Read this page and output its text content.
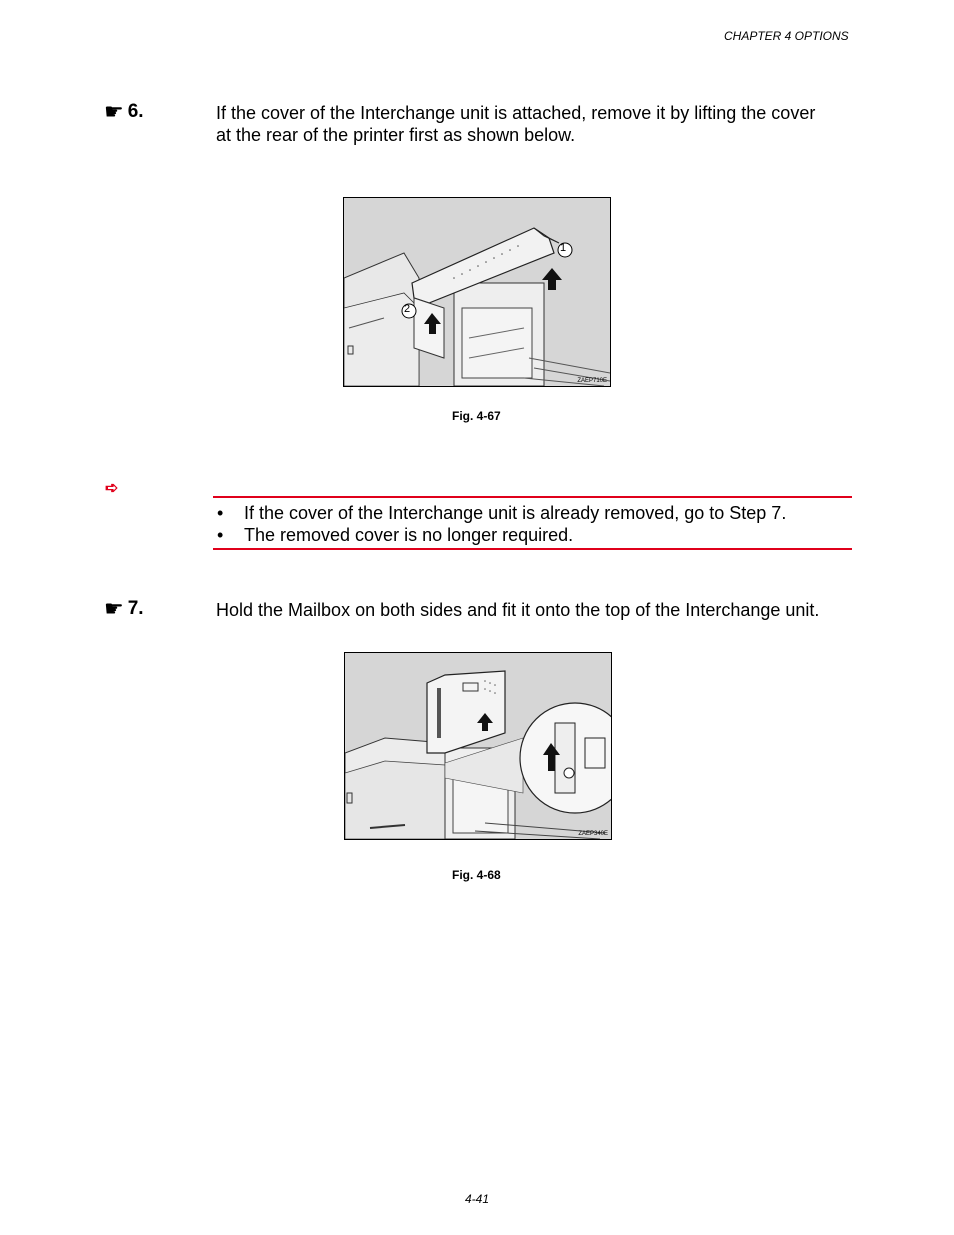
CHAPTER 4 OPTIONS
☛ 6.	If the cover of the Interchange unit is attached, remove it by lifting the cover
at the rear of the printer first as shown below.
1
2
ZAEP710E
Fig. 4-67
➪
• If the cover of the Interchange unit is already removed, go to Step 7.
• The removed cover is no longer required.
☛ 7.	Hold the Mailbox on both sides and fit it onto the top of the Interchange unit.
ZAEP340E
Fig. 4-68
4-41
